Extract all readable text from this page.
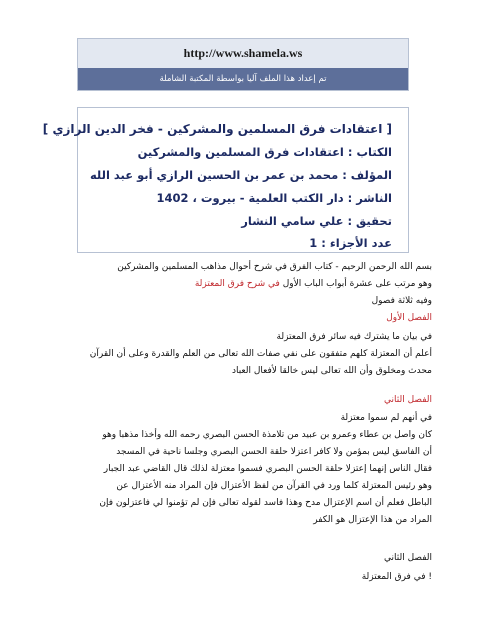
http://www.shamela.ws
تم إعداد هذا الملف آليا بواسطة المكتبة الشاملة
[ اعتقادات فرق المسلمين والمشركين - فخر الدين الرازي ]
الكتاب : اعتقادات فرق المسلمين والمشركين
المؤلف : محمد بن عمر بن الحسين الرازي أبو عبد الله
الناشر : دار الكتب العلمية - بيروت ، 1402
تحقيق : علي سامي النشار
عدد الأجزاء : 1
بسم الله الرحمن الرحيم - كتاب الفرق في شرح أحوال مذاهب المسلمين والمشركين
وهو مرتب على عشرة أبواب الباب الأول في شرح فرق المعتزلة
وفيه ثلاثة فصول
الفصل الأول
في بيان ما يشترك فيه سائر فرق المعتزلة
أعلم أن المعتزلة كلهم متفقون على نفي صفات الله تعالى من العلم والقدرة وعلى أن القرآن
محدث ومخلوق وأن الله تعالى ليس خالقا لأفعال العباد
الفصل الثاني
في أنهم لم سموا معتزلة
كان واصل بن عطاء وعمرو بن عبيد من تلامذة الحسن البصري رحمه الله وأخذا مذهبا وهو
أن الفاسق ليس بمؤمن ولا كافر اعتزلا حلقة الحسن البصري وجلسا ناحية في المسجد
فقال الناس إنهما إعتزلا حلقة الحسن البصري فسموا معتزلة لذلك قال القاضي عبد الجبار
وهو رئيس المعتزلة كلما ورد في القرآن من لفظ الأعتزال فإن المراد منه الأعتزال عن
الباطل فعلم أن اسم الإعتزال مدح وهذا فاسد لقوله تعالى فإن لم تؤمنوا لي فاعتزلون فإن
المراد من هذا الإعتزال هو الكفر
الفصل الثاني
! في فرق المعتزلة
